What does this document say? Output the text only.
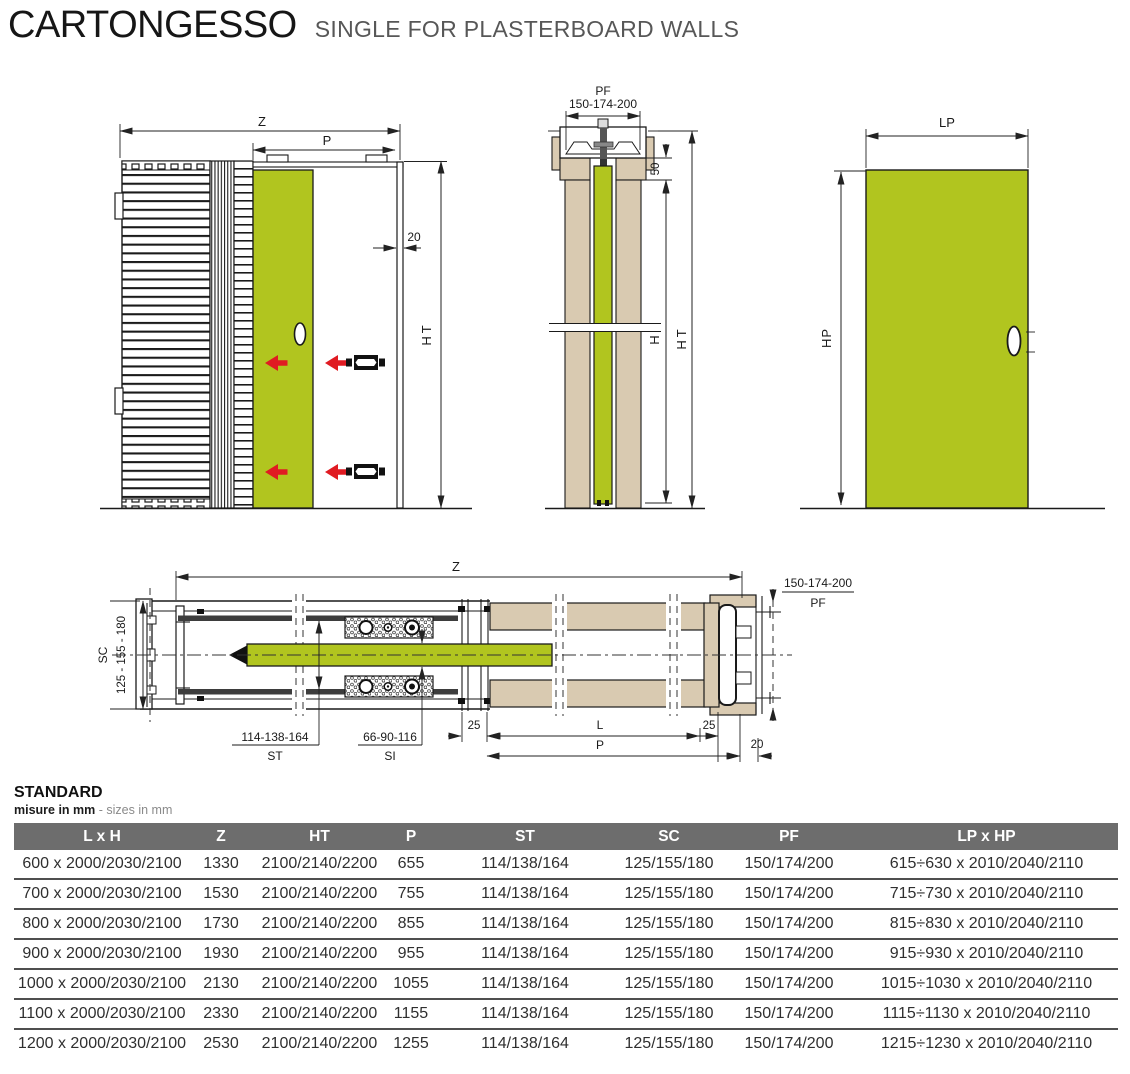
CARTONGESSO SINGLE FOR PLASTERBOARD WALLS
Z
P
20
HT
PF
150-174-200
50
H HT
LP
HP
Z
SC 125 - 155 - 180
114-138-164
ST
66-90-116
SI
25	L	25
P	20
150-174-200
PF
STANDARD

misure in mm - sizes in mm

L x H	Z	HT	P	ST	SC	PF	LP x HP
600 x 2000/2030/2100	1330	2100/2140/2200	655	114/138/164	125/155/180	150/174/200	615÷630 x 2010/2040/2110
700 x 2000/2030/2100	1530	2100/2140/2200	755	114/138/164	125/155/180	150/174/200	715÷730 x 2010/2040/2110
800 x 2000/2030/2100	1730	2100/2140/2200	855	114/138/164	125/155/180	150/174/200	815÷830 x 2010/2040/2110
900 x 2000/2030/2100	1930	2100/2140/2200	955	114/138/164	125/155/180	150/174/200	915÷930 x 2010/2040/2110
1000 x 2000/2030/2100	2130	2100/2140/2200	1055	114/138/164	125/155/180	150/174/200	1015÷1030 x 2010/2040/2110
1100 x 2000/2030/2100	2330	2100/2140/2200	1155	114/138/164	125/155/180	150/174/200	1115÷1130 x 2010/2040/2110
1200 x 2000/2030/2100	2530	2100/2140/2200	1255	114/138/164	125/155/180	150/174/200	1215÷1230 x 2010/2040/2110
